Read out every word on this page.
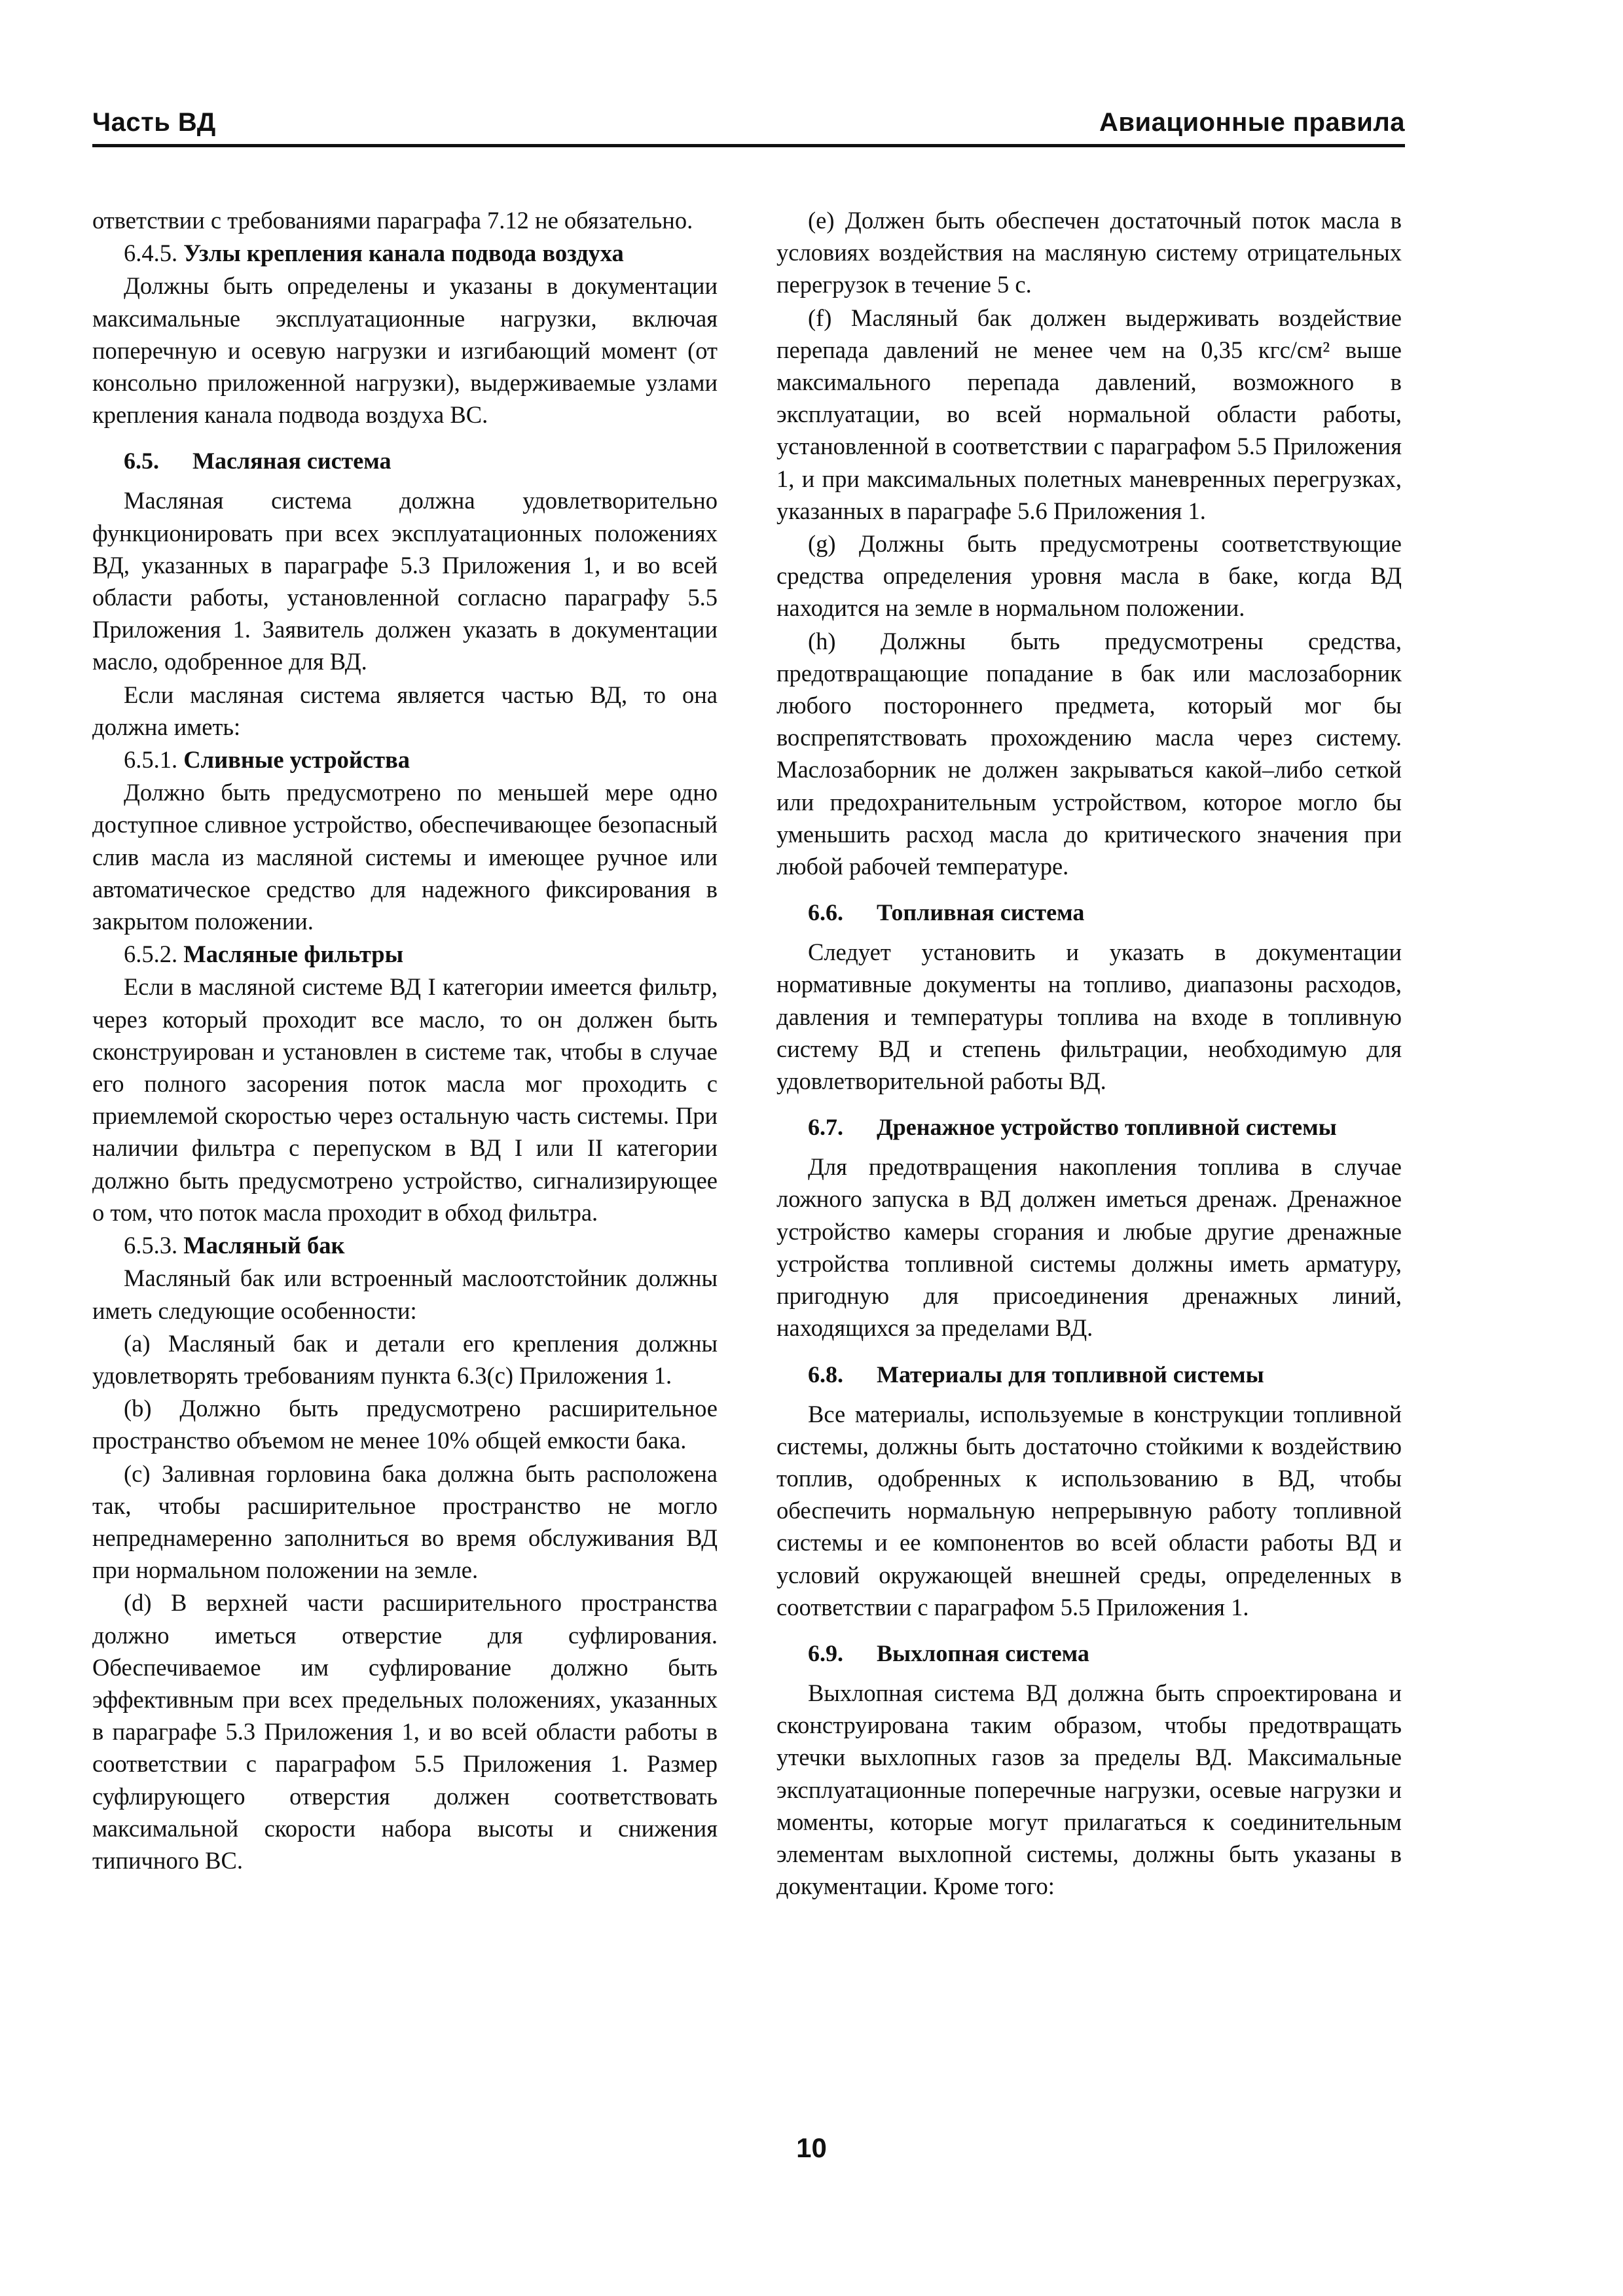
Часть ВД	Авиационные правила

ответствии с требованиями параграфа 7.12 не обязательно.

6.4.5. Узлы крепления канала подвода воздуха

Должны быть определены и указаны в документации максимальные эксплуатационные нагрузки, включая поперечную и осевую нагрузки и изгибающий момент (от консольно приложенной нагрузки), выдерживаемые узлами крепления канала подвода воздуха ВС.

6.5.	Масляная система

Масляная система должна удовлетворительно функционировать при всех эксплуатационных положениях ВД, указанных в параграфе 5.3 Приложения 1, и во всей области работы, установленной согласно параграфу 5.5 Приложения 1. Заявитель должен указать в документации масло, одобренное для ВД.

Если масляная система является частью ВД, то она должна иметь:

6.5.1. Сливные устройства

Должно быть предусмотрено по меньшей мере одно доступное сливное устройство, обеспечивающее безопасный слив масла из масляной системы и имеющее ручное или автоматическое средство для надежного фиксирования в закрытом положении.

6.5.2. Масляные фильтры

Если в масляной системе ВД I категории имеется фильтр, через который проходит все масло, то он должен быть сконструирован и установлен в системе так, чтобы в случае его полного засорения поток масла мог проходить с приемлемой скоростью через остальную часть системы. При наличии фильтра с перепуском в ВД I или II категории должно быть предусмотрено устройство, сигнализирующее о том, что поток масла проходит в обход фильтра.

6.5.3. Масляный бак

Масляный бак или встроенный маслоотстойник должны иметь следующие особенности:

(a) Масляный бак и детали его крепления должны удовлетворять требованиям пункта 6.3(c) Приложения 1.

(b) Должно быть предусмотрено расширительное пространство объемом не менее 10% общей емкости бака.

(c) Заливная горловина бака должна быть расположена так, чтобы расширительное пространство не могло непреднамеренно заполниться во время обслуживания ВД при нормальном положении на земле.

(d) В верхней части расширительного пространства должно иметься отверстие для суфлирования. Обеспечиваемое им суфлирование должно быть эффективным при всех предельных положениях, указанных в параграфе 5.3 Приложения 1, и во всей области работы в соответствии с параграфом 5.5 Приложения 1. Размер суфлирующего отверстия должен соответствовать максимальной скорости набора высоты и снижения типичного ВС.

(e) Должен быть обеспечен достаточный поток масла в условиях воздействия на масляную систему отрицательных перегрузок в течение 5 с.

(f) Масляный бак должен выдерживать воздействие перепада давлений не менее чем на 0,35 кгс/см² выше максимального перепада давлений, возможного в эксплуатации, во всей нормальной области работы, установленной в соответствии с параграфом 5.5 Приложения 1, и при максимальных полетных маневренных перегрузках, указанных в параграфе 5.6 Приложения 1.

(g) Должны быть предусмотрены соответствующие средства определения уровня масла в баке, когда ВД находится на земле в нормальном положении.

(h) Должны быть предусмотрены средства, предотвращающие попадание в бак или маслозаборник любого постороннего предмета, который мог бы воспрепятствовать прохождению масла через систему. Маслозаборник не должен закрываться какой–либо сеткой или предохранительным устройством, которое могло бы уменьшить расход масла до критического значения при любой рабочей температуре.

6.6.	Топливная система

Следует установить и указать в документации нормативные документы на топливо, диапазоны расходов, давления и температуры топлива на входе в топливную систему ВД и степень фильтрации, необходимую для удовлетворительной работы ВД.

6.7.	Дренажное устройство топливной системы

Для предотвращения накопления топлива в случае ложного запуска в ВД должен иметься дренаж. Дренажное устройство камеры сгорания и любые другие дренажные устройства топливной системы должны иметь арматуру, пригодную для присоединения дренажных линий, находящихся за пределами ВД.

6.8.	Материалы для топливной системы

Все материалы, используемые в конструкции топливной системы, должны быть достаточно стойкими к воздействию топлив, одобренных к использованию в ВД, чтобы обеспечить нормальную непрерывную работу топливной системы и ее компонентов во всей области работы ВД и условий окружающей внешней среды, определенных в соответствии с параграфом 5.5 Приложения 1.

6.9.	Выхлопная система

Выхлопная система ВД должна быть спроектирована и сконструирована таким образом, чтобы предотвращать утечки выхлопных газов за пределы ВД. Максимальные эксплуатационные поперечные нагрузки, осевые нагрузки и моменты, которые могут прилагаться к соединительным элементам выхлопной системы, должны быть указаны в документации. Кроме того:

10
